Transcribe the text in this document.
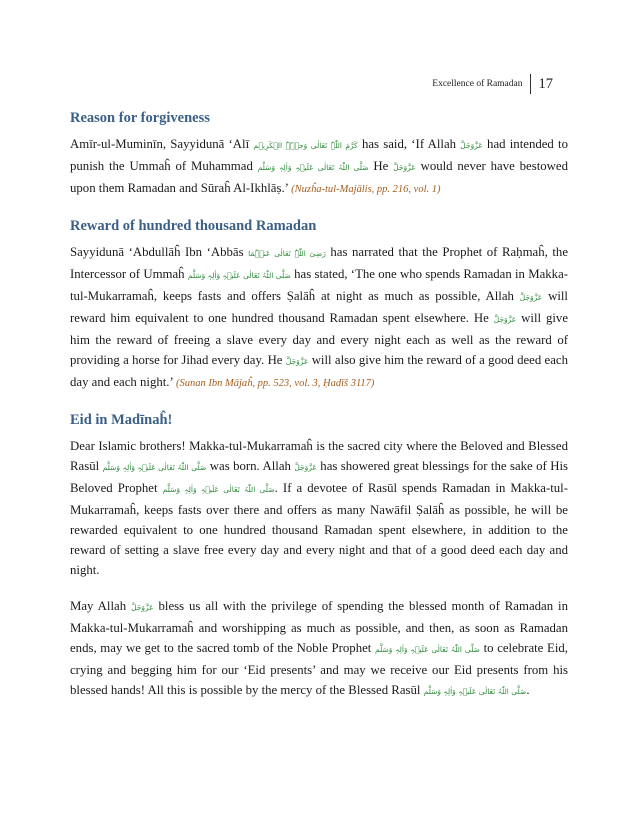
Excellence of Ramadan	17
Reason for forgiveness

Amīr-ul-Muminīn, Sayyidunā ‘Alī كَرَّمَ اللّٰہُ تَعَالٰی وَجۡہَہُ الۡکَرِیۡم has said, ‘If Allah عَزَّوَجَلَّ had intended to punish the Ummaĥ of Muhammad صَلَّی اللّٰہُ تَعَالٰی عَلَیۡہِ وَاٰلِہٖ وَسَلَّم He عَزَّوَجَلَّ would never have bestowed upon them Ramadan and Sūraĥ Al-Ikhlāṣ.’ (Nuzĥa-tul-Majālis, pp. 216, vol. 1)

Reward of hundred thousand Ramadan

Sayyidunā ‘Abdullāĥ Ibn ‘Abbās رَضِیَ اللّٰہُ تَعَالٰی عَنۡہُمَا has narrated that the Prophet of Raḥmaĥ, the Intercessor of Ummaĥ صَلَّی اللّٰہُ تَعَالٰی عَلَیۡہِ وَاٰلِہٖ وَسَلَّم has stated, ‘The one who spends Ramadan in Makka-tul-Mukarramaĥ, keeps fasts and offers Ṣalāĥ at night as much as possible, Allah عَزَّوَجَلَّ will reward him equivalent to one hundred thousand Ramadan spent elsewhere. He عَزَّوَجَلَّ will give him the reward of freeing a slave every day and every night each as well as the reward of providing a horse for Jihad every day. He عَزَّوَجَلَّ will also give him the reward of a good deed each day and each night.’ (Sunan Ibn Mājaĥ, pp. 523, vol. 3, Ḥadīš 3117)

Eid in Madīnaĥ!

Dear Islamic brothers! Makka-tul-Mukarramaĥ is the sacred city where the Beloved and Blessed Rasūl صَلَّی اللّٰہُ تَعَالٰی عَلَیۡہِ وَاٰلِہٖ وَسَلَّم was born. Allah عَزَّوَجَلَّ has showered great blessings for the sake of His Beloved Prophet صَلَّی اللّٰہُ تَعَالٰی عَلَیۡہِ وَاٰلِہٖ وَسَلَّم. If a devotee of Rasūl spends Ramadan in Makka-tul-Mukarramaĥ, keeps fasts over there and offers as many Nawāfil Ṣalāĥ as possible, he will be rewarded equivalent to one hundred thousand Ramadan spent elsewhere, in addition to the reward of setting a slave free every day and every night and that of a good deed each day and night.

May Allah عَزَّوَجَلَّ bless us all with the privilege of spending the blessed month of Ramadan in Makka-tul-Mukarramaĥ and worshipping as much as possible, and then, as soon as Ramadan ends, may we get to the sacred tomb of the Noble Prophet صَلَّی اللّٰہُ تَعَالٰی عَلَیۡہِ وَاٰلِہٖ وَسَلَّم to celebrate Eid, crying and begging him for our ‘Eid presents’ and may we receive our Eid presents from his blessed hands! All this is possible by the mercy of the Blessed Rasūl صَلَّی اللّٰہُ تَعَالٰی عَلَیۡہِ وَاٰلِہٖ وَسَلَّم.
